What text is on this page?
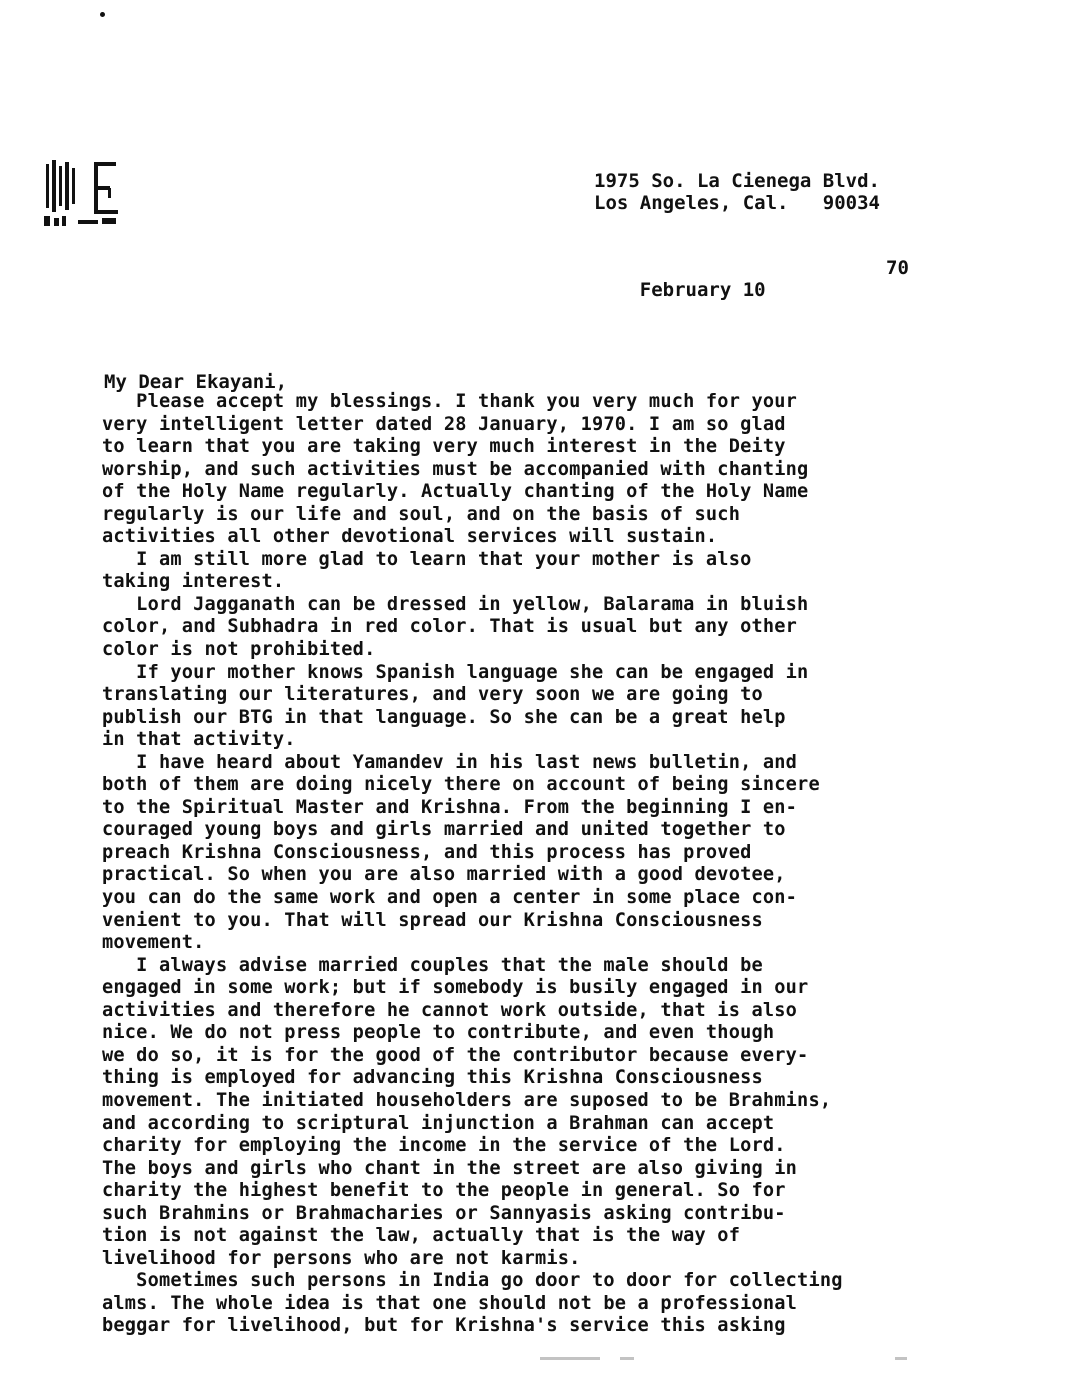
1975 So. La Cienega Blvd.
Los Angeles, Cal.   90034

February 10

70

My Dear Ekayani,
Please accept my blessings. I thank you very much for your
very intelligent letter dated 28 January, 1970. I am so glad
to learn that you are taking very much interest in the Deity
worship, and such activities must be accompanied with chanting
of the Holy Name regularly. Actually chanting of the Holy Name
regularly is our life and soul, and on the basis of such
activities all other devotional services will sustain.
I am still more glad to learn that your mother is also
taking interest.
Lord Jagganath can be dressed in yellow, Balarama in bluish
color, and Subhadra in red color. That is usual but any other
color is not prohibited.
If your mother knows Spanish language she can be engaged in
translating our literatures, and very soon we are going to
publish our BTG in that language. So she can be a great help
in that activity.
I have heard about Yamandev in his last news bulletin, and
both of them are doing nicely there on account of being sincere
to the Spiritual Master and Krishna. From the beginning I en-
couraged young boys and girls married and united together to
preach Krishna Consciousness, and this process has proved
practical. So when you are also married with a good devotee,
you can do the same work and open a center in some place con-
venient to you. That will spread our Krishna Consciousness
movement.
I always advise married couples that the male should be
engaged in some work; but if somebody is busily engaged in our
activities and therefore he cannot work outside, that is also
nice. We do not press people to contribute, and even though
we do so, it is for the good of the contributor because every-
thing is employed for advancing this Krishna Consciousness
movement. The initiated householders are suposed to be Brahmins,
and according to scriptural injunction a Brahman can accept
charity for employing the income in the service of the Lord.
The boys and girls who chant in the street are also giving in
charity the highest benefit to the people in general. So for
such Brahmins or Brahmacharies or Sannyasis asking contribu-
tion is not against the law, actually that is the way of
livelihood for persons who are not karmis.
Sometimes such persons in India go door to door for collecting
alms. The whole idea is that one should not be a professional
beggar for livelihood, but for Krishna's service this asking
